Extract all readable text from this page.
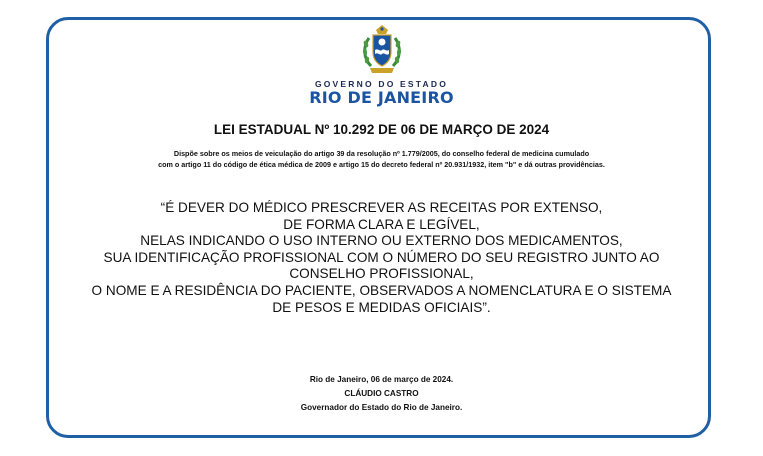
GOVERNO DO ESTADO
RIO DE JANEIRO
LEI ESTADUAL Nº 10.292 DE 06 DE MARÇO DE 2024
Dispõe sobre os meios de veiculação do artigo 39 da resolução nº 1.779/2005, do conselho federal de medicina cumulado
com o artigo 11 do código de ética médica de 2009 e artigo 15 do decreto federal nº 20.931/1932, item "b" e dá outras providências.
“É DEVER DO MÉDICO PRESCREVER AS RECEITAS POR EXTENSO,
DE FORMA CLARA E LEGÍVEL,
NELAS INDICANDO O USO INTERNO OU EXTERNO DOS MEDICAMENTOS,
SUA IDENTIFICAÇÃO PROFISSIONAL COM O NÚMERO DO SEU REGISTRO JUNTO AO
CONSELHO PROFISSIONAL,
O NOME E A RESIDÊNCIA DO PACIENTE, OBSERVADOS A NOMENCLATURA E O SISTEMA
DE PESOS E MEDIDAS OFICIAIS”.
Rio de Janeiro, 06 de março de 2024.
CLÁUDIO CASTRO
Governador do Estado do Rio de Janeiro.
